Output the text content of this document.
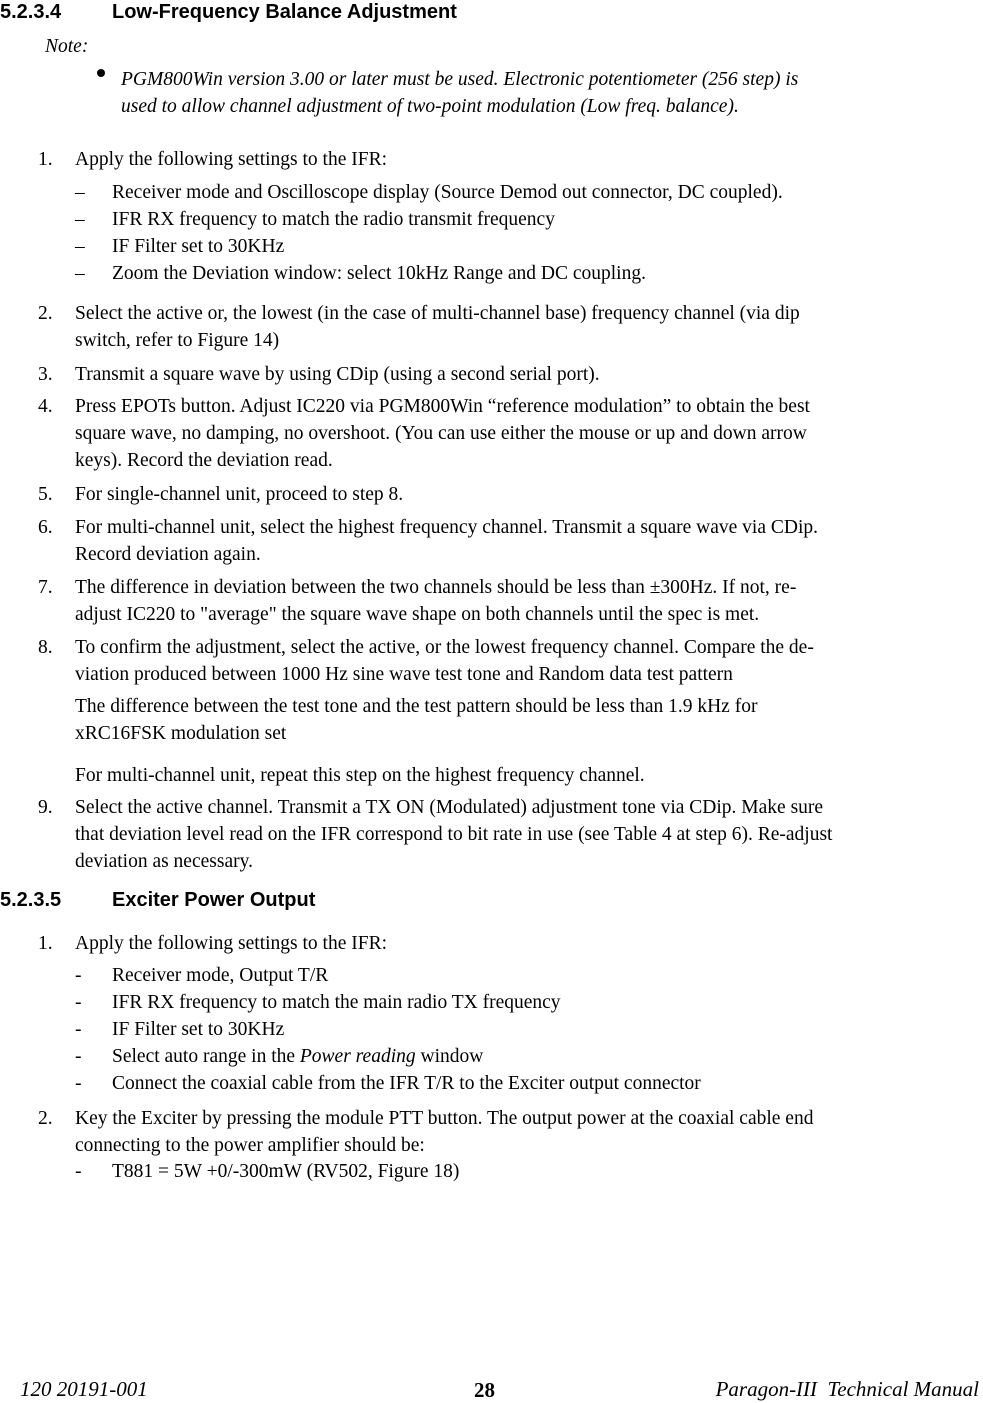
5.2.3.4	Low-Frequency Balance Adjustment
Note:
PGM800Win version 3.00 or later must be used. Electronic potentiometer (256 step) is
used to allow channel adjustment of two-point modulation (Low freq. balance).
1. Apply the following settings to the IFR:
– Receiver mode and Oscilloscope display (Source Demod out connector, DC coupled).
– IFR RX frequency to match the radio transmit frequency
– IF Filter set to 30KHz
– Zoom the Deviation window: select 10kHz Range and DC coupling.
2. Select the active or, the lowest (in the case of multi-channel base) frequency channel (via dip
switch, refer to Figure 14)
3. Transmit a square wave by using CDip (using a second serial port).
4. Press EPOTs button. Adjust IC220 via PGM800Win “reference modulation” to obtain the best
square wave, no damping, no overshoot. (You can use either the mouse or up and down arrow
keys). Record the deviation read.
5. For single-channel unit, proceed to step 8.
6. For multi-channel unit, select the highest frequency channel. Transmit a square wave via CDip.
Record deviation again.
7. The difference in deviation between the two channels should be less than ±300Hz. If not, re-
adjust IC220 to "average" the square wave shape on both channels until the spec is met.
8. To confirm the adjustment, select the active, or the lowest frequency channel. Compare the de-
viation produced between 1000 Hz sine wave test tone and Random data test pattern
The difference between the test tone and the test pattern should be less than 1.9 kHz for
xRC16FSK modulation set
For multi-channel unit, repeat this step on the highest frequency channel.
9. Select the active channel. Transmit a TX ON (Modulated) adjustment tone via CDip. Make sure
that deviation level read on the IFR correspond to bit rate in use (see Table 4 at step 6). Re-adjust
deviation as necessary.
5.2.3.5	Exciter Power Output
1. Apply the following settings to the IFR:
- Receiver mode, Output T/R
- IFR RX frequency to match the main radio TX frequency
- IF Filter set to 30KHz
- Select auto range in the Power reading window
- Connect the coaxial cable from the IFR T/R to the Exciter output connector
2. Key the Exciter by pressing the module PTT button. The output power at the coaxial cable end
connecting to the power amplifier should be:
- T881 = 5W +0/-300mW (RV502, Figure 18)
120 20191-001	28	Paragon-III  Technical Manual
